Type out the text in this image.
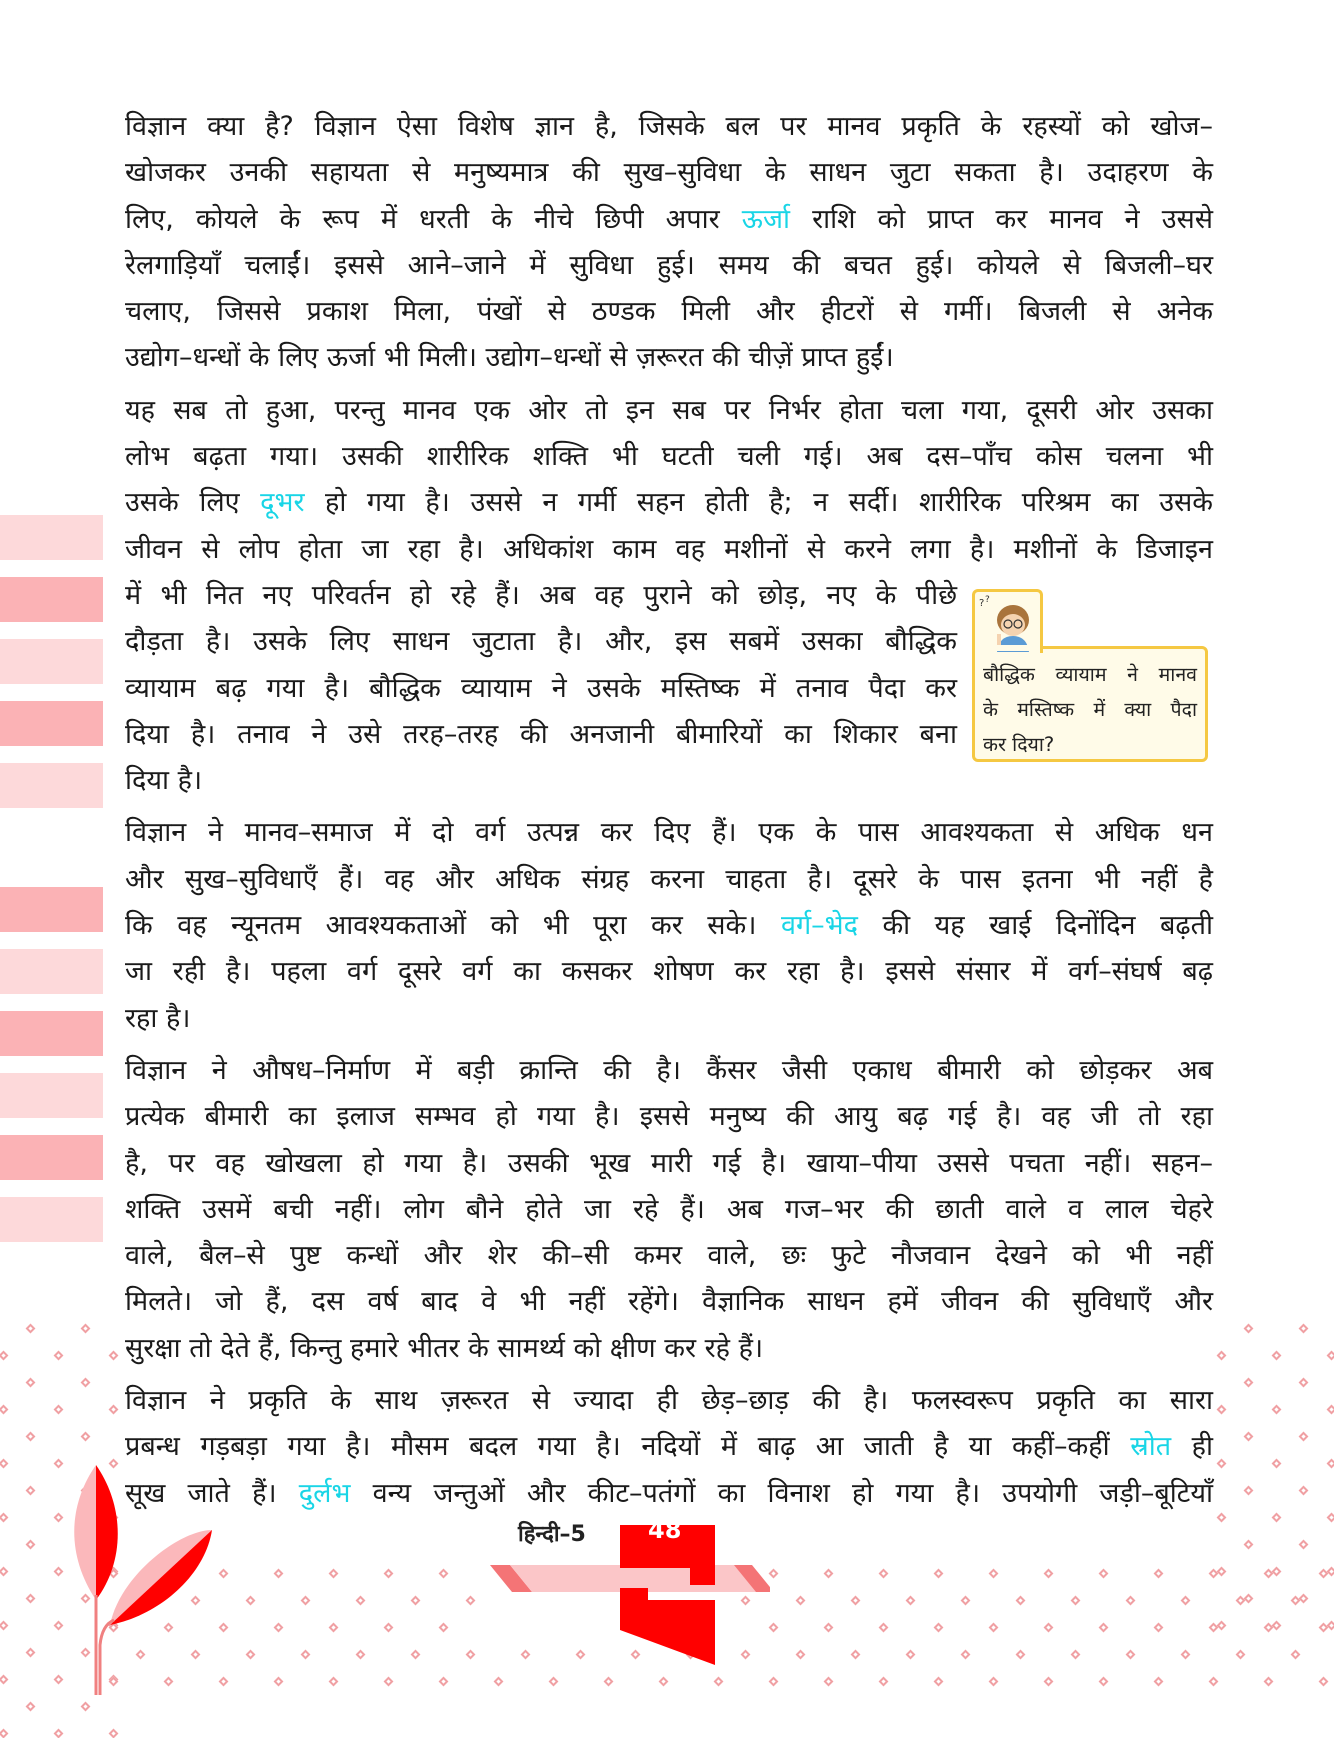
विज्ञान क्या है? विज्ञान ऐसा विशेष ज्ञान है, जिसके बल पर मानव प्रकृति के रहस्यों को खोज–
खोजकर उनकी सहायता से मनुष्यमात्र की सुख–सुविधा के साधन जुटा सकता है। उदाहरण के
लिए, कोयले के रूप में धरती के नीचे छिपी अपार ऊर्जा राशि को प्राप्त कर मानव ने उससे
रेलगाड़ियाँ चलाईं। इससे आने–जाने में सुविधा हुई। समय की बचत हुई। कोयले से बिजली–घर
चलाए, जिससे प्रकाश मिला, पंखों से ठण्डक मिली और हीटरों से गर्मी। बिजली से अनेक
उद्योग–धन्धों के लिए ऊर्जा भी मिली। उद्योग–धन्धों से ज़रूरत की चीज़ें प्राप्त हुईं।
यह सब तो हुआ, परन्तु मानव एक ओर तो इन सब पर निर्भर होता चला गया, दूसरी ओर उसका
लोभ बढ़ता गया। उसकी शारीरिक शक्ति भी घटती चली गई। अब दस–पाँच कोस चलना भी
उसके लिए दूभर हो गया है। उससे न गर्मी सहन होती है; न सर्दी। शारीरिक परिश्रम का उसके
जीवन से लोप होता जा रहा है। अधिकांश काम वह मशीनों से करने लगा है। मशीनों के डिजाइन
में भी नित नए परिवर्तन हो रहे हैं। अब वह पुराने को छोड़, नए के पीछे
दौड़ता है। उसके लिए साधन जुटाता है। और, इस सबमें उसका बौद्धिक
व्यायाम बढ़ गया है। बौद्धिक व्यायाम ने उसके मस्तिष्क में तनाव पैदा कर
दिया है। तनाव ने उसे तरह–तरह की अनजानी बीमारियों का शिकार बना
दिया है।
विज्ञान ने मानव–समाज में दो वर्ग उत्पन्न कर दिए हैं। एक के पास आवश्यकता से अधिक धन
और सुख–सुविधाएँ हैं। वह और अधिक संग्रह करना चाहता है। दूसरे के पास इतना भी नहीं है
कि वह न्यूनतम आवश्यकताओं को भी पूरा कर सके। वर्ग–भेद की यह खाई दिनोंदिन बढ़ती
जा रही है। पहला वर्ग दूसरे वर्ग का कसकर शोषण कर रहा है। इससे संसार में वर्ग–संघर्ष बढ़
रहा है।
विज्ञान ने औषध–निर्माण में बड़ी क्रान्ति की है। कैंसर जैसी एकाध बीमारी को छोड़कर अब
प्रत्येक बीमारी का इलाज सम्भव हो गया है। इससे मनुष्य की आयु बढ़ गई है। वह जी तो रहा
है, पर वह खोखला हो गया है। उसकी भूख मारी गई है। खाया–पीया उससे पचता नहीं। सहन–
शक्ति उसमें बची नहीं। लोग बौने होते जा रहे हैं। अब गज–भर की छाती वाले व लाल चेहरे
वाले, बैल–से पुष्ट कन्धों और शेर की–सी कमर वाले, छः फुटे नौजवान देखने को भी नहीं
मिलते। जो हैं, दस वर्ष बाद वे भी नहीं रहेंगे। वैज्ञानिक साधन हमें जीवन की सुविधाएँ और
सुरक्षा तो देते हैं, किन्तु हमारे भीतर के सामर्थ्य को क्षीण कर रहे हैं।
विज्ञान ने प्रकृति के साथ ज़रूरत से ज्यादा ही छेड़–छाड़ की है। फलस्वरूप प्रकृति का सारा
प्रबन्ध गड़बड़ा गया है। मौसम बदल गया है। नदियों में बाढ़ आ जाती है या कहीं–कहीं स्रोत ही
सूख जाते हैं। दुर्लभ वन्य जन्तुओं और कीट–पतंगों का विनाश हो गया है। उपयोगी जड़ी–बूटियाँ
? ?
बौद्धिक व्यायाम ने मानव
के मस्तिष्क में क्या पैदा
कर दिया?
हिन्दी–5	48
